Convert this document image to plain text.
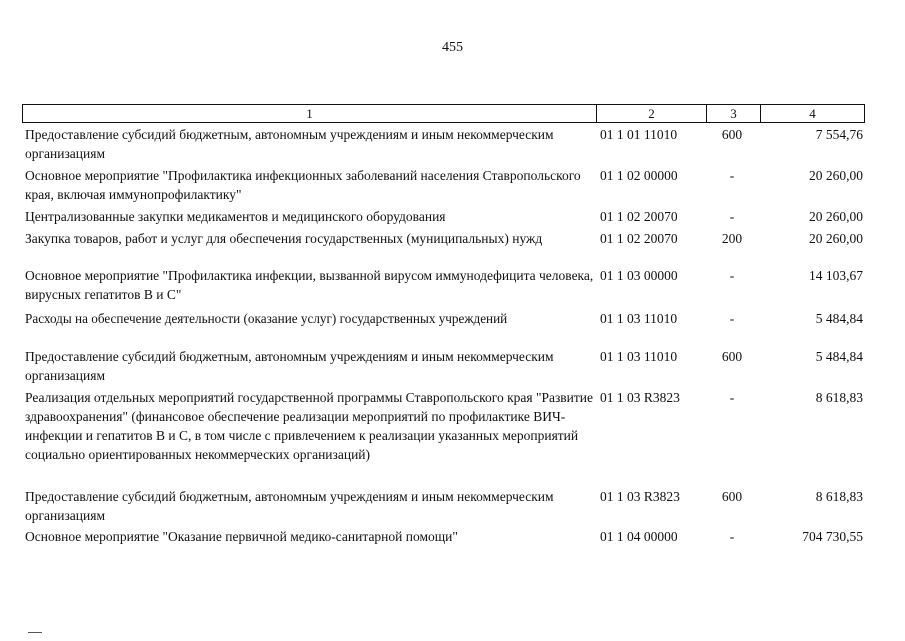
455
1	2	3	4
Предоставление субсидий бюджетным, автономным учреждениям и иным некоммерческим организациям
01 1 01 11010	600	7 554,76
Основное мероприятие "Профилактика инфекционных заболеваний населения Ставропольского края, включая иммунопрофилактику"
01 1 02 00000	-	20 260,00
Централизованные закупки медикаментов и медицинского оборудования	01 1 02 20070	-	20 260,00
Закупка товаров, работ и услуг для обеспечения государственных (муниципальных) нужд	01 1 02 20070	200	20 260,00
Основное мероприятие "Профилактика инфекции, вызванной вирусом иммунодефицита человека, вирусных гепатитов В и С"
01 1 03 00000	-	14 103,67
Расходы на обеспечение деятельности (оказание услуг) государственных учреждений	01 1 03 11010	-	5 484,84
Предоставление субсидий бюджетным, автономным учреждениям и иным некоммерческим организациям
01 1 03 11010	600	5 484,84
Реализация отдельных мероприятий государственной программы Ставропольского края "Развитие здравоохранения" (финансовое обеспечение реализации мероприятий по профилактике ВИЧ-инфекции и гепатитов В и С, в том числе с привлечением к реализации указанных мероприятий социально ориентированных некоммерческих организаций)
01 1 03 R3823	-	8 618,83
Предоставление субсидий бюджетным, автономным учреждениям и иным некоммерческим организациям
01 1 03 R3823	600	8 618,83
Основное мероприятие "Оказание первичной медико-санитарной помощи"	01 1 04 00000	-	704 730,55
